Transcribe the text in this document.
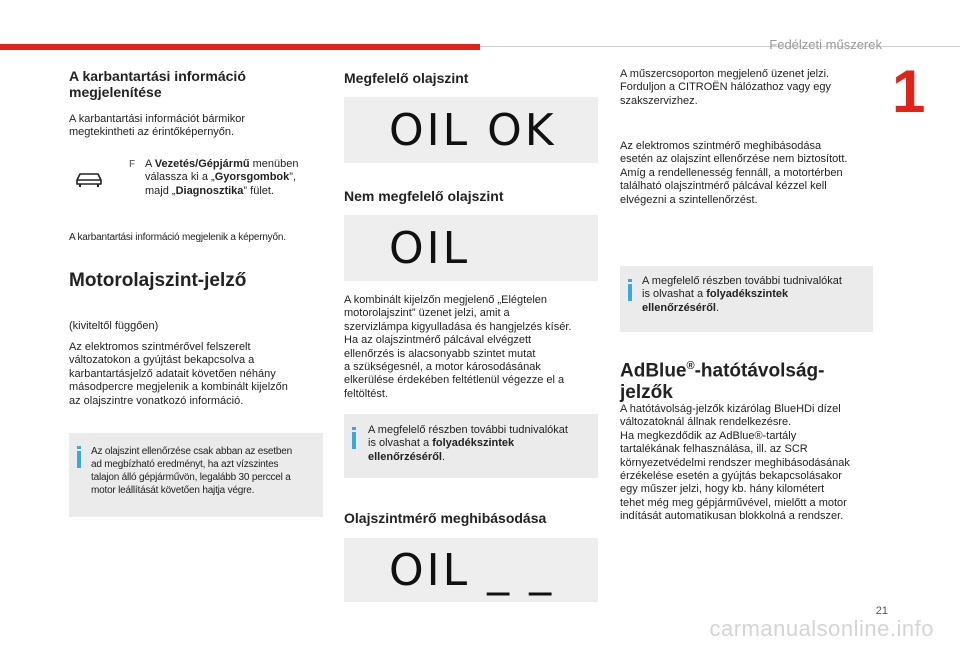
Fedélzeti műszerek
1
A karbantartási információ
megjelenítése

A karbantartási információt bármikor
megtekintheti az érintőképernyőn.

F A Vezetés/Gépjármű menüben
válassza ki a „Gyorsgombok”,
majd „Diagnosztika” fület.

A karbantartási információ megjelenik a képernyőn.

Motorolajszint-jelző

(kiviteltől függően)

Az elektromos szintmérővel felszerelt
változatokon a gyújtást bekapcsolva a
karbantartásjelző adatait követően néhány
másodpercre megjelenik a kombinált kijelzőn
az olajszintre vonatkozó információ.

Az olajszint ellenőrzése csak abban az esetben
ad megbízható eredményt, ha azt vízszintes
talajon álló gépjárművön, legalább 30 perccel a
motor leállítását követően hajtja végre.

Megfelelő olajszint
OIL OK
Nem megfelelő olajszint
OIL

A kombinált kijelzőn megjelenő „Elégtelen
motorolajszint” üzenet jelzi, amit a
szervizlámpa kigyulladása és hangjelzés kísér.
Ha az olajszintmérő pálcával elvégzett
ellenőrzés is alacsonyabb szintet mutat
a szükségesnél, a motor károsodásának
elkerülése érdekében feltétlenül végezze el a
feltöltést.

A megfelelő részben további tudnivalókat
is olvashat a folyadékszintek
ellenőrzéséről.

Olajszintmérő meghibásodása
OIL _ _

A műszercsoporton megjelenő üzenet jelzi.
Forduljon a CITROËN hálózathoz vagy egy
szakszervizhez.

Az elektromos szintmérő meghibásodása
esetén az olajszint ellenőrzése nem biztosított.
Amíg a rendellenesség fennáll, a motortérben
található olajszintmérő pálcával kézzel kell
elvégezni a szintellenőrzést.

A megfelelő részben további tudnivalókat
is olvashat a folyadékszintek
ellenőrzéséről.

AdBlue®-hatótávolság-
jelzők

A hatótávolság-jelzők kizárólag BlueHDi dízel
változatoknál állnak rendelkezésre.
Ha megkezdődik az AdBlue®-tartály
tartalékának felhasználása, ill. az SCR
környezetvédelmi rendszer meghibásodásának
érzékelése esetén a gyújtás bekapcsolásakor
egy műszer jelzi, hogy kb. hány kilométert
tehet még meg gépjárművével, mielőtt a motor
indítását automatikusan blokkolná a rendszer.

21
carmanualsonline.info
